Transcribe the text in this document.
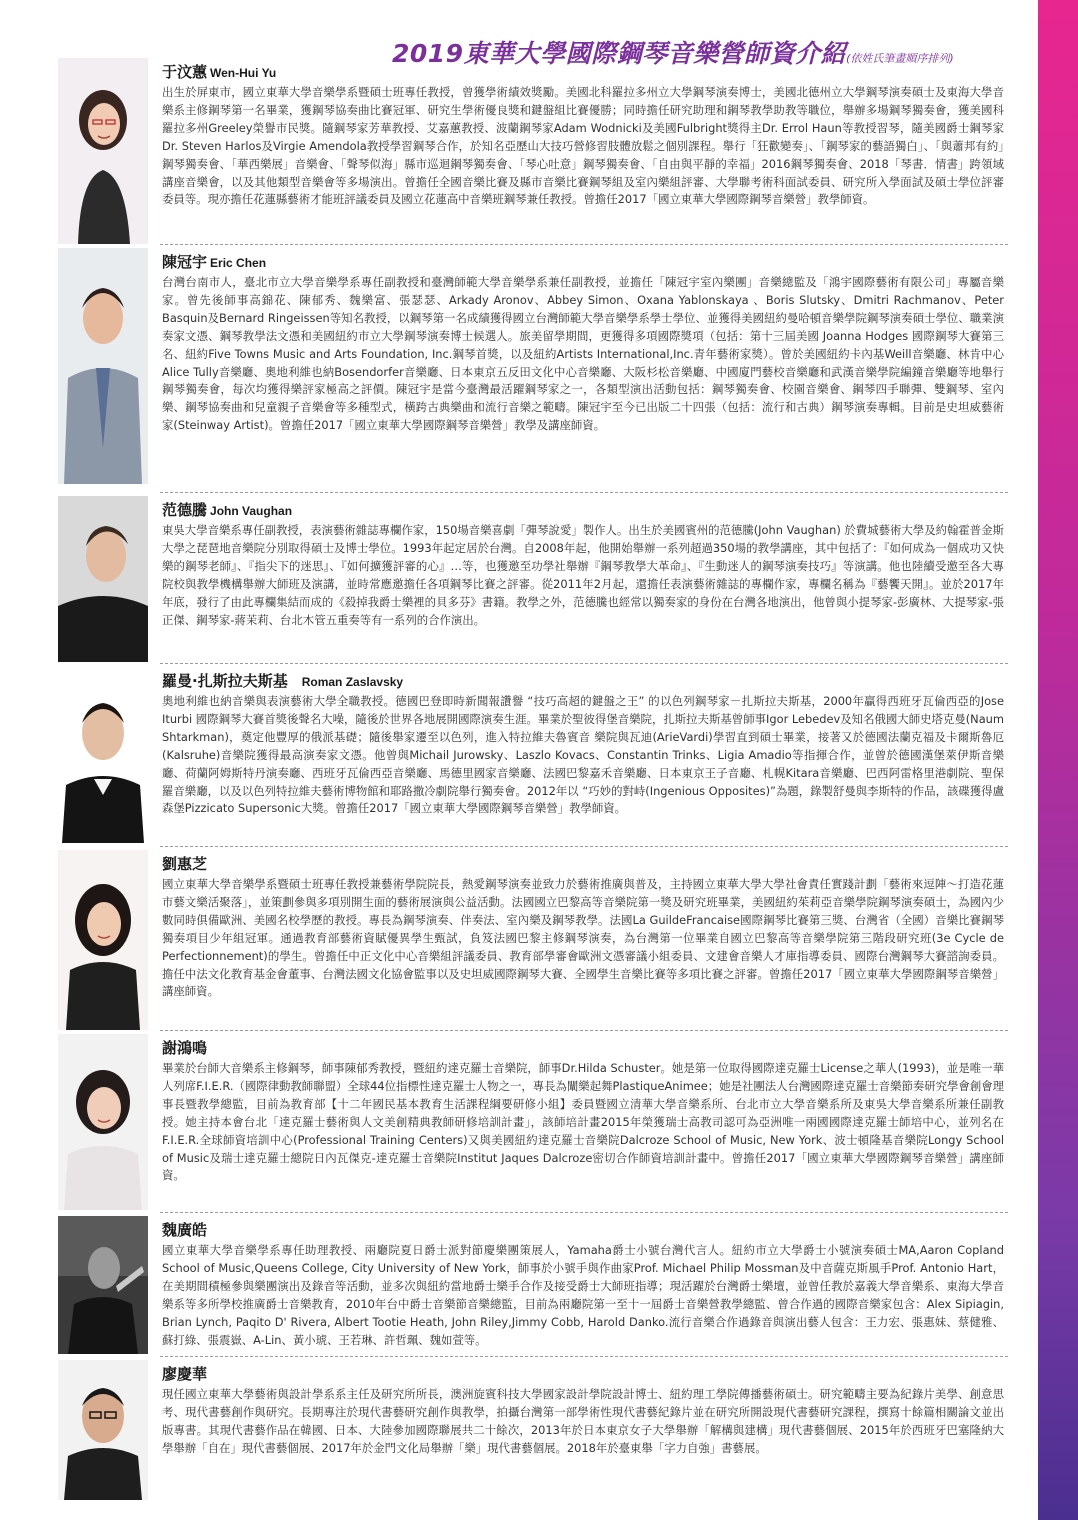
2019東華大學國際鋼琴音樂營師資介紹(依姓氏筆畫順序排列)
于汶蕙 Wen-Hui Yu

出生於屏東市，國立東華大學音樂學系暨碩士班專任教授，曾獲學術績效獎勵。美國北科羅拉多州立大學鋼琴演奏博士，美國北德州立大學鋼琴演奏碩士及東海大學音樂系主修鋼琴第一名畢業，獲鋼琴協奏曲比賽冠軍、研究生學術優良獎和鍵盤組比賽優勝；同時擔任研究助理和鋼琴教學助教等職位，舉辦多場鋼琴獨奏會，獲美國科羅拉多州Greeley榮譽市民獎。隨鋼琴家芳華教授、艾嘉蕙教授、波蘭鋼琴家Adam Wodnicki及美國Fulbright獎得主Dr. Errol Haun等教授習琴，隨美國爵士鋼琴家Dr. Steven Harlos及Virgie Amendola教授學習鋼琴合作，於知名亞歷山大技巧營修習肢體放鬆之個別課程。舉行「狂歡變奏」、「鋼琴家的藝語獨白」、「與蕭邦有約」鋼琴獨奏會、「華西樂展」音樂會、「聲琴似海」縣市巡迴鋼琴獨奏會、「琴心吐意」鋼琴獨奏會、「自由與平靜的幸福」2016鋼琴獨奏會、2018「琴書．情書」跨領域講座音樂會，以及其他類型音樂會等多場演出。曾擔任全國音樂比賽及縣市音樂比賽鋼琴組及室內樂組評審、大學聯考術科面試委員、研究所入學面試及碩士學位評審委員等。現亦擔任花蓮縣藝術才能班評議委員及國立花蓮高中音樂班鋼琴兼任教授。曾擔任2017「國立東華大學國際鋼琴音樂營」教學師資。

陳冠宇 Eric Chen

台灣台南市人，臺北市立大學音樂學系專任副教授和臺灣師範大學音樂學系兼任副教授，並擔任「陳冠宇室內樂團」音樂總監及「鴻宇國際藝術有限公司」專屬音樂家。曾先後師事高錦花、陳郁秀、魏樂富、張瑟瑟、Arkady Aronov、Abbey Simon、Oxana Yablonskaya 、Boris Slutsky、Dmitri Rachmanov、Peter Basquin及Bernard Ringeissen等知名教授，以鋼琴第一名成績獲得國立台灣師範大學音樂學系學士學位、並獲得美國紐約曼哈頓音樂學院鋼琴演奏碩士學位、職業演奏家文憑、鋼琴教學法文憑和美國紐約市立大學鋼琴演奏博士候選人。旅美留學期間，更獲得多項國際獎項（包括：第十三屆美國 Joanna Hodges 國際鋼琴大賽第三名、紐約Five Towns Music and Arts Foundation, Inc.鋼琴首獎，以及紐約Artists International,Inc.青年藝術家獎）。曾於美國紐約卡內基Weill音樂廳、林肯中心Alice Tully音樂廳、奧地利維也納Bosendorfer音樂廳、日本東京五反田文化中心音樂廳、大阪杉松音樂廳、中國廈門藝校音樂廳和武漢音樂學院編鐘音樂廳等地舉行鋼琴獨奏會，每次均獲得樂評家極高之評價。陳冠宇是當今臺灣最活躍鋼琴家之一，各類型演出活動包括：鋼琴獨奏會、校園音樂會、鋼琴四手聯彈、雙鋼琴、室內樂、鋼琴協奏曲和兒童親子音樂會等多種型式，橫跨古典樂曲和流行音樂之範疇。陳冠宇至今已出版二十四張（包括：流行和古典）鋼琴演奏專輯。目前是史坦威藝術家(Steinway Artist)。曾擔任2017「國立東華大學國際鋼琴音樂營」教學及講座師資。

范德騰 John Vaughan

東吳大學音樂系專任副教授，表演藝術雜誌專欄作家，150場音樂喜劇「彈琴說愛」製作人。出生於美國賓州的范德騰(John Vaughan) 於費城藝術大學及約翰霍普金斯大學之琵琶地音樂院分別取得碩士及博士學位。1993年起定居於台灣。自2008年起，他開始舉辦一系列超過350場的教學講座，其中包括了：『如何成為一個成功又快樂的鋼琴老師』、『指尖下的迷思』、『如何擴獲評審的心』…等，也獲邀至功學社舉辦『鋼琴教學大革命』、『生動迷人的鋼琴演奏技巧』等演講。他也陸續受邀至各大專院校與教學機構舉辦大師班及演講，並時常應邀擔任各項鋼琴比賽之評審。從2011年2月起，還擔任表演藝術雜誌的專欄作家，專欄名稱為『藝饗天開』。並於2017年年底，發行了由此專欄集結而成的《殺掉我爵士樂裡的貝多芬》書籍。教學之外，范德騰也經常以獨奏家的身份在台灣各地演出，他曾與小提琴家-彭廣林、大提琴家-張正傑、鋼琴家-蔣茉莉、台北木管五重奏等有一系列的合作演出。

羅曼·扎斯拉夫斯基 Roman Zaslavsky

奧地利維也納音樂與表演藝術大學全職教授。德國巴登即時新聞報讚譽 “技巧高超的鍵盤之王” 的以色列鋼琴家－扎斯拉夫斯基，2000年贏得西班牙瓦倫西亞的Jose Iturbi 國際鋼琴大賽首獎後聲名大噪，隨後於世界各地展開國際演奏生涯。畢業於聖彼得堡音樂院，扎斯拉夫斯基曾師事Igor Lebedev及知名俄國大師史塔克曼(Naum Shtarkman)，奠定他豐厚的俄派基礎；隨後舉家遷至以色列，進入特拉維夫魯賓音 樂院與瓦迪(ArieVardi)學習直到碩士畢業，接著又於德國法蘭克福及卡爾斯魯厄(Kalsruhe)音樂院獲得最高演奏家文憑。他曾與Michail Jurowsky、Laszlo Kovacs、Constantin Trinks、Ligia Amadio等指揮合作，並曾於德國漢堡萊伊斯音樂廳、荷蘭阿姆斯特丹演奏廳、西班牙瓦倫西亞音樂廳、馬德里國家音樂廳、法國巴黎嘉禾音樂廳、日本東京王子音廳、札幌Kitara音樂廳、巴西阿雷格里港劇院、聖保羅音樂廳，以及以色列特拉維夫藝術博物館和耶路撒冷劇院舉行獨奏會。2012年以 “巧妙的對峙(Ingenious Opposites)”為題，錄製舒曼與李斯特的作品，該碟獲得盧森堡Pizzicato Supersonic大獎。曾擔任2017「國立東華大學國際鋼琴音樂營」教學師資。

劉惠芝

國立東華大學音樂學系暨碩士班專任教授兼藝術學院院長，熱愛鋼琴演奏並致力於藝術推廣與普及，主持國立東華大學大學社會責任實踐計劃「藝術來逗陣～打造花蓮市藝文樂活聚落」，並策劃參與多項別開生面的藝術展演與公益活動。法國國立巴黎高等音樂院第一獎及研究班畢業，美國紐約茱莉亞音樂學院鋼琴演奏碩士，為國內少數同時俱備歐洲、美國名校學歷的教授。專長為鋼琴演奏、伴奏法、室內樂及鋼琴教學。法國La GuildeFrancaise國際鋼琴比賽第三獎、台灣省（全國）音樂比賽鋼琴獨奏項目少年組冠軍。通過教育部藝術資賦優異學生甄試，負笈法國巴黎主修鋼琴演奏，為台灣第一位畢業自國立巴黎高等音樂學院第三階段研究班(3e Cycle de Perfectionnement)的學生。曾擔任中正文化中心音樂組評議委員、教育部學審會歐洲文憑審議小組委員、文建會音樂人才庫指導委員、國際台灣鋼琴大賽諮詢委員。擔任中法文化教育基金會董事、台灣法國文化協會監事以及史坦威國際鋼琴大賽、全國學生音樂比賽等多項比賽之評審。曾擔任2017「國立東華大學國際鋼琴音樂營」講座師資。

謝鴻鳴

畢業於台師大音樂系主修鋼琴，師事陳郁秀教授，暨紐約達克羅士音樂院，師事Dr.Hilda Schuster。她是第一位取得國際達克羅士License之華人(1993)，並是唯一華人列席F.I.E.R.（國際律動教師聯盟）全球44位指標性達克羅士人物之一，專長為闡樂起舞PlastiqueAnimee；她是社團法人台灣國際達克羅士音樂節奏研究學會創會理事長暨教學總監，目前為教育部【十二年國民基本教育生活課程綱要研修小組】委員暨國立清華大學音樂系所、台北市立大學音樂系所及東吳大學音樂系所兼任副教授。她主持本會台北「達克羅士藝術與人文美創精典教師研修培訓計畫」，該師培計畫2015年榮獲瑞士高教司認可為亞洲唯一兩國國際達克羅士師培中心，並列名在F.I.E.R.全球師資培訓中心(Professional Training Centers)又與美國紐約達克羅士音樂院Dalcroze School of Music, New York、波士頓隆基音樂院Longy School of Music及瑞士達克羅士總院日內瓦傑克-達克羅士音樂院Institut Jaques Dalcroze密切合作師資培訓計畫中。曾擔任2017「國立東華大學國際鋼琴音樂營」講座師資。

魏廣皓

國立東華大學音樂學系專任助理教授、兩廳院夏日爵士派對節慶樂團策展人，Yamaha爵士小號台灣代言人。紐約市立大學爵士小號演奏碩士MA,Aaron Copland School of Music,Queens College, City University of New York，師事於小號手與作曲家Prof. Michael Philip Mossman及中音薩克斯風手Prof. Antonio Hart，在美期間積極參與樂團演出及錄音等活動，並多次與紐約當地爵士樂手合作及接受爵士大師班指導；現活躍於台灣爵士樂壇，並曾任教於嘉義大學音樂系、東海大學音樂系等多所學校推廣爵士音樂教育，2010年台中爵士音樂節音樂總監，目前為兩廳院第一至十一屆爵士音樂營教學總監、曾合作過的國際音樂家包含：Alex Sipiagin, Brian Lynch, Paqito D' Rivera, Albert Tootie Heath, John Riley,Jimmy Cobb, Harold Danko.流行音樂合作過錄音與演出藝人包含：王力宏、張惠妹、蔡健雅、蘇打綠、張震嶽、A-Lin、黃小琥、王若琳、許哲珮、魏如萱等。

廖慶華

現任國立東華大學藝術與設計學系系主任及研究所所長，澳洲旋賓科技大學國家設計學院設計博士、紐約理工學院傳播藝術碩士。研究範疇主要為紀錄片美學、創意思考、現代書藝創作與研究。長期專注於現代書藝研究創作與教學，拍攝台灣第一部學術性現代書藝紀錄片並在研究所開設現代書藝研究課程，撰寫十餘篇相關論文並出版專書。其現代書藝作品在韓國、日本、大陸參加國際聯展共二十餘次，2013年於日本東京女子大學舉辦「解構與建構」現代書藝個展、2015年於西班牙巴塞隆納大學舉辦「自在」現代書藝個展、2017年於金門文化局舉辦「樂」現代書藝個展。2018年於臺東舉「字力自強」書藝展。
